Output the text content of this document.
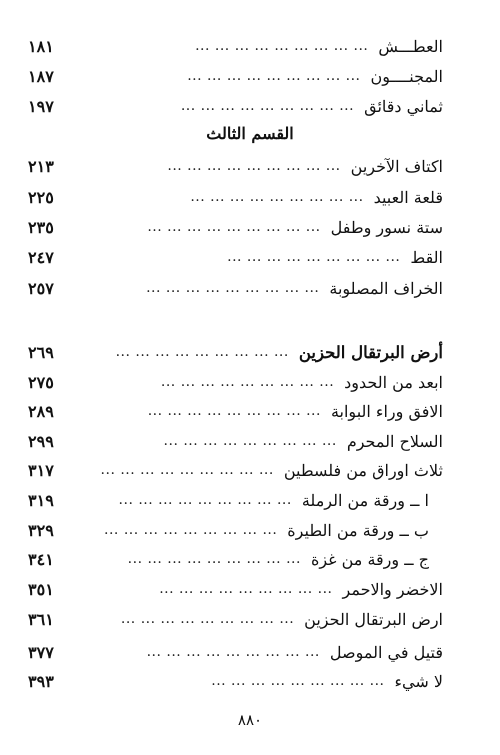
العطـــش
... ... ... ... ... ... ... ... ...
١٨١
المجنــــون
... ... ... ... ... ... ... ... ...
١٨٧
ثماني دقائق
... ... ... ... ... ... ... ... ...
١٩٧
القسم الثالث
اكتاف الآخرين
... ... ... ... ... ... ... ... ...
٢١٣
قلعة العبيد
... ... ... ... ... ... ... ... ...
٢٢٥
ستة نسور وطفل
... ... ... ... ... ... ... ... ...
٢٣٥
القط
... ... ... ... ... ... ... ... ...
٢٤٧
الخراف المصلوبة
... ... ... ... ... ... ... ... ...
٢٥٧
أرض البرتقال الحزين
... ... ... ... ... ... ... ... ...
٢٦٩
ابعد من الحدود
... ... ... ... ... ... ... ... ...
٢٧٥
الافق وراء البوابة
... ... ... ... ... ... ... ... ...
٢٨٩
السلاح المحرم
... ... ... ... ... ... ... ... ...
٢٩٩
ثلاث اوراق من فلسطين
... ... ... ... ... ... ... ... ...
٣١٧
ا ــ ورقة من الرملة
... ... ... ... ... ... ... ... ...
٣١٩
ب ــ ورقة من الطيرة
... ... ... ... ... ... ... ... ...
٣٢٩
ج ــ ورقة من غزة
... ... ... ... ... ... ... ... ...
٣٤١
الاخضر والاحمر
... ... ... ... ... ... ... ... ...
٣٥١
ارض البرتقال الحزين
... ... ... ... ... ... ... ... ...
٣٦١
قتيل في الموصل
... ... ... ... ... ... ... ... ...
٣٧٧
لا شيء
... ... ... ... ... ... ... ... ...
٣٩٣
٨٨٠
